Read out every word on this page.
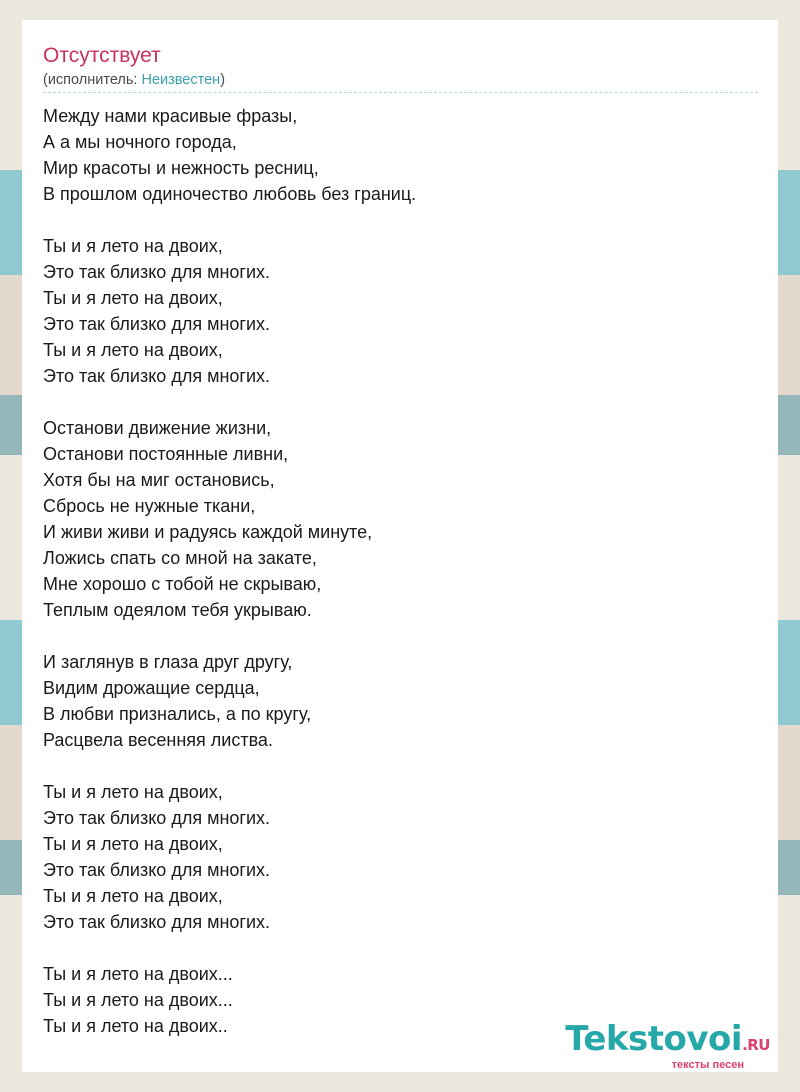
Отсутствует
(исполнитель: Неизвестен)
Между нами красивые фразы,
А а мы ночного города,
Мир красоты и нежность ресниц,
В прошлом одиночество любовь без границ.
Ты и я лето на двоих,
Это так близко для многих.
Ты и я лето на двоих,
Это так близко для многих.
Ты и я лето на двоих,
Это так близко для многих.
Останови движение жизни,
Останови постоянные ливни,
Хотя бы на миг остановись,
Сбрось не нужные ткани,
И живи живи и радуясь каждой минуте,
Ложись спать со мной на закате,
Мне хорошо с тобой не скрываю,
Теплым одеялом тебя укрываю.
И заглянув в глаза друг другу,
Видим дрожащие сердца,
В любви признались, а по кругу,
Расцвела весенняя листва.
Ты и я лето на двоих,
Это так близко для многих.
Ты и я лето на двоих,
Это так близко для многих.
Ты и я лето на двоих,
Это так близко для многих.
Ты и я лето на двоих...
Ты и я лето на двоих...
Ты и я лето на двоих..	Tekstovoi.RU
тексты песен
